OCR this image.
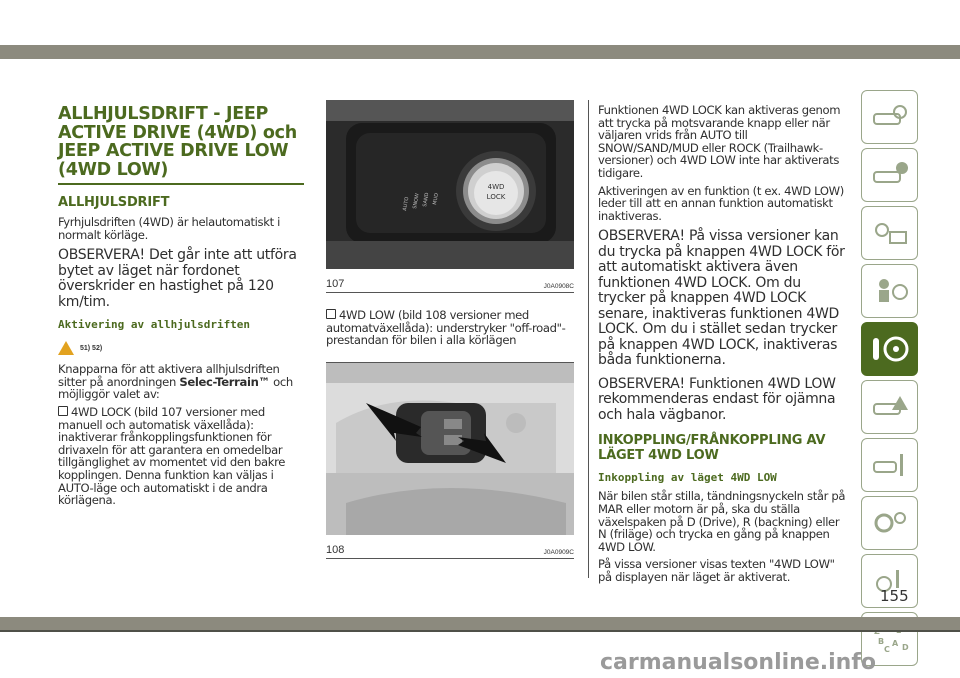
ALLHJULSDRIFT - JEEP ACTIVE DRIVE (4WD) och JEEP ACTIVE DRIVE LOW (4WD LOW)
ALLHJULSDRIFT

Fyrhjulsdriften (4WD) är helautomatiskt i normalt körläge.

OBSERVERA! Det går inte att utföra bytet av läget när fordonet överskrider en hastighet på 120 km/tim.

Aktivering av allhjulsdriften
51) 52)

Knapparna för att aktivera allhjulsdriften sitter på anordningen Selec-Terrain™ och möjliggör valet av:

4WD LOCK (bild 107 versioner med manuell och automatisk växellåda): inaktiverar frånkopplingsfunktionen för drivaxeln för att garantera en omedelbar tillgänglighet av momentet vid den bakre kopplingen. Denna funktion kan väljas i AUTO-läge och automatiskt i de andra körlägena.

4WD
LOCK
AUTO SNOW SAND MUD
107	J0A0908C

4WD LOW (bild 108 versioner med automatväxellåda): understryker "off-road"-prestandan för bilen i alla körlägen

108	J0A0909C

Funktionen 4WD LOCK kan aktiveras genom att trycka på motsvarande knapp eller när väljaren vrids från AUTO till SNOW/SAND/MUD eller ROCK (Trailhawk-versioner) och 4WD LOW inte har aktiverats tidigare.

Aktiveringen av en funktion (t ex. 4WD LOW) leder till att en annan funktion automatiskt inaktiveras.

OBSERVERA! På vissa versioner kan du trycka på knappen 4WD LOCK för att automatiskt aktivera även funktionen 4WD LOCK. Om du trycker på knappen 4WD LOCK senare, inaktiveras funktionen 4WD LOCK. Om du i stället sedan trycker på knappen 4WD LOCK, inaktiveras båda funktionerna.

OBSERVERA! Funktionen 4WD LOW rekommenderas endast för ojämna och hala vägbanor.

INKOPPLING/FRÅNKOPPLING AV LÄGET 4WD LOW
Inkoppling av läget 4WD LOW

När bilen står stilla, tändningsnyckeln står på MAR eller motorn är på, ska du ställa växelspaken på D (Drive), R (backning) eller N (friläge) och trycka en gång på knappen 4WD LOW.

På vissa versioner visas texten "4WD LOW" på displayen när läget är aktiverat.

B A
C D
155
carmanualsonline.info
